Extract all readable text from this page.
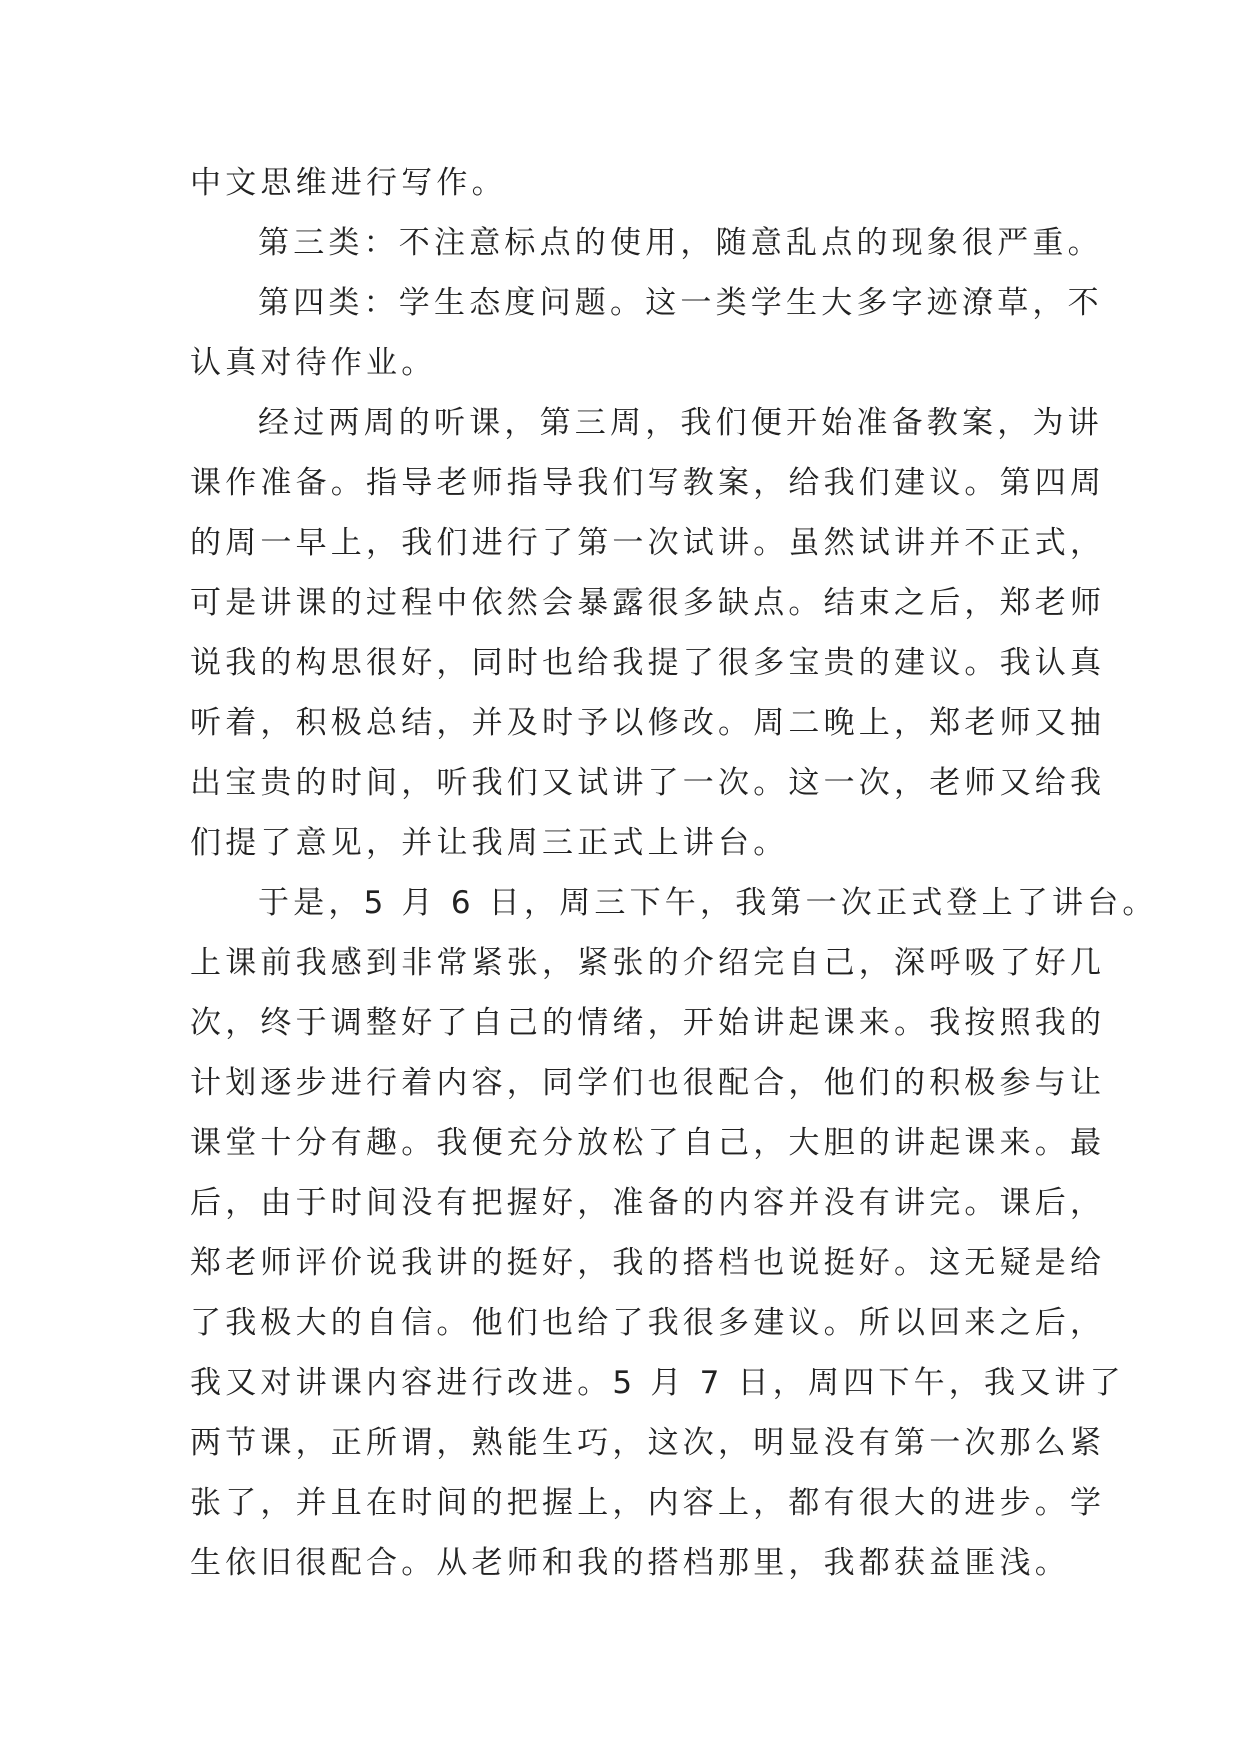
中文思维进行写作。
第三类：不注意标点的使用，随意乱点的现象很严重。
第四类：学生态度问题。这一类学生大多字迹潦草，不
认真对待作业。
经过两周的听课，第三周，我们便开始准备教案，为讲
课作准备。指导老师指导我们写教案，给我们建议。第四周
的周一早上，我们进行了第一次试讲。虽然试讲并不正式，
可是讲课的过程中依然会暴露很多缺点。结束之后，郑老师
说我的构思很好，同时也给我提了很多宝贵的建议。我认真
听着，积极总结，并及时予以修改。周二晚上，郑老师又抽
出宝贵的时间，听我们又试讲了一次。这一次，老师又给我
们提了意见，并让我周三正式上讲台。
于是，5 月 6 日，周三下午，我第一次正式登上了讲台。
上课前我感到非常紧张，紧张的介绍完自己，深呼吸了好几
次，终于调整好了自己的情绪，开始讲起课来。我按照我的
计划逐步进行着内容，同学们也很配合，他们的积极参与让
课堂十分有趣。我便充分放松了自己，大胆的讲起课来。最
后，由于时间没有把握好，准备的内容并没有讲完。课后，
郑老师评价说我讲的挺好，我的搭档也说挺好。这无疑是给
了我极大的自信。他们也给了我很多建议。所以回来之后，
我又对讲课内容进行改进。5 月 7 日，周四下午，我又讲了
两节课，正所谓，熟能生巧，这次，明显没有第一次那么紧
张了，并且在时间的把握上，内容上，都有很大的进步。学
生依旧很配合。从老师和我的搭档那里，我都获益匪浅。
